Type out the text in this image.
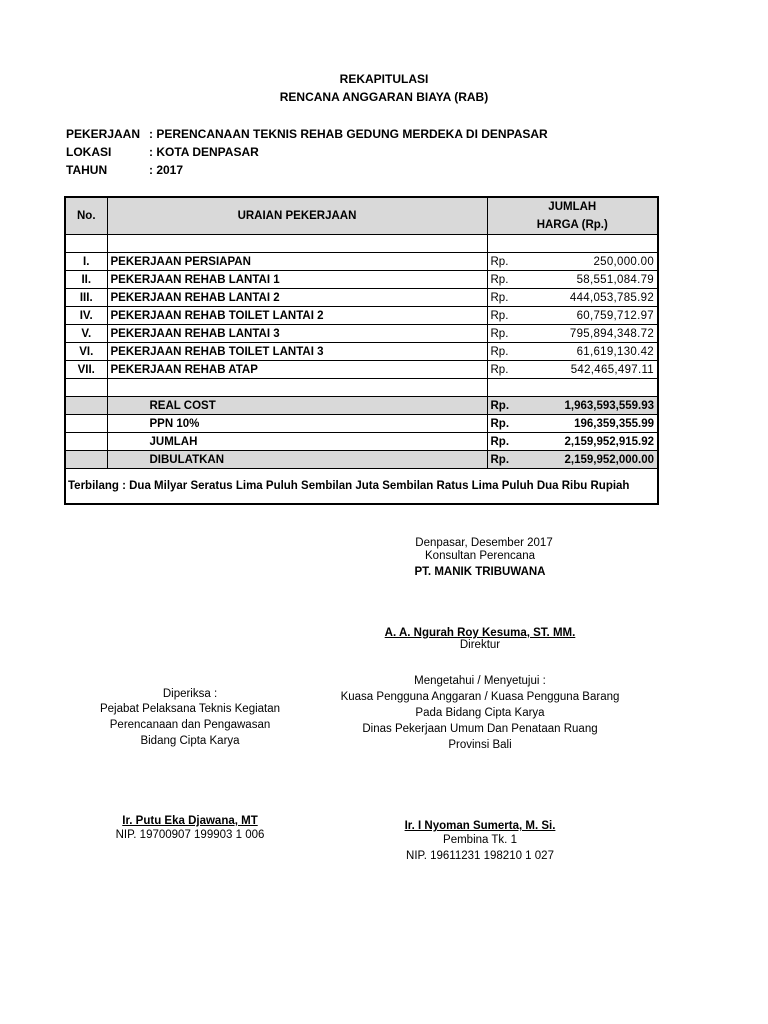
REKAPITULASI
RENCANA ANGGARAN BIAYA (RAB)
PEKERJAAN : PERENCANAAN TEKNIS REHAB GEDUNG MERDEKA DI DENPASAR
LOKASI	: KOTA DENPASAR
TAHUN	: 2017
No.	URAIAN PEKERJAAN	JUMLAH	
		HARGA (Rp.)	

I.	PEKERJAAN PERSIAPAN	Rp.	250,000.00
II.	PEKERJAAN REHAB LANTAI 1	Rp.	58,551,084.79
III.	PEKERJAAN REHAB LANTAI 2	Rp.	444,053,785.92
IV.	PEKERJAAN REHAB TOILET LANTAI 2	Rp.	60,759,712.97
V.	PEKERJAAN REHAB LANTAI 3	Rp.	795,894,348.72
VI.	PEKERJAAN REHAB TOILET LANTAI 3	Rp.	61,619,130.42
VII.	PEKERJAAN REHAB ATAP	Rp.	542,465,497.11

	REAL COST	Rp.	1,963,593,559.93
	PPN 10%	Rp.	196,359,355.99
	JUMLAH	Rp.	2,159,952,915.92
	DIBULATKAN	Rp.	2,159,952,000.00
Terbilang : Dua Milyar Seratus Lima Puluh Sembilan Juta Sembilan Ratus Lima Puluh Dua Ribu Rupiah			
Denpasar, Desember 2017
Konsultan Perencana
PT. MANIK TRIBUWANA
A. A. Ngurah Roy Kesuma, ST. MM.
Direktur
Diperiksa :
Pejabat Pelaksana Teknis Kegiatan
Perencanaan dan Pengawasan
Bidang Cipta Karya
Mengetahui / Menyetujui :
Kuasa Pengguna Anggaran / Kuasa Pengguna Barang
Pada Bidang Cipta Karya
Dinas Pekerjaan Umum Dan Penataan Ruang
Provinsi Bali
Ir. Putu Eka Djawana, MT
NIP. 19700907 199903 1 006
Ir. I Nyoman Sumerta, M. Si.
Pembina Tk. 1
NIP. 19611231 198210 1 027
